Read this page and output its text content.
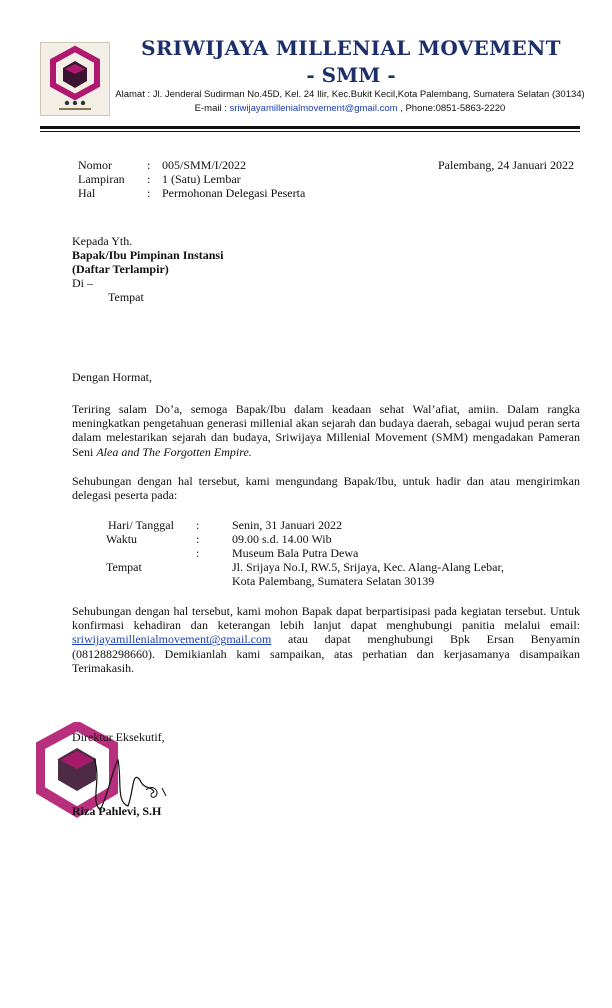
SRIWIJAYA MILLENIAL MOVEMENT
- SMM -
Alamat : Jl. Jenderal Sudirman No.45D, Kel. 24 Ilir, Kec.Bukit Kecil,Kota Palembang, Sumatera Selatan (30134)
E-mail : sriwijayamillenialmovement@gmail.com , Phone:0851-5863-2220
Nomor	: 005/SMM/I/2022
Lampiran : 1 (Satu) Lembar
Hal	: Permohonan Delegasi Peserta
Palembang, 24 Januari 2022
Kepada Yth.
Bapak/Ibu Pimpinan Instansi
(Daftar Terlampir)
Di –
Tempat
Dengan Hormat,
Teriring salam Do’a, semoga Bapak/Ibu dalam keadaan sehat Wal’afiat, amiin. Dalam rangka meningkatkan pengetahuan generasi millenial akan sejarah dan budaya daerah, sebagai wujud peran serta dalam melestarikan sejarah dan budaya, Sriwijaya Millenial Movement (SMM) mengadakan Pameran Seni Alea and The Forgotten Empire.
Sehubungan dengan hal tersebut, kami mengundang Bapak/Ibu, untuk hadir dan atau mengirimkan delegasi peserta pada:
Hari/ Tanggal :	Senin, 31 Januari 2022
Waktu	:	09.00 s.d. 14.00 Wib
:	Museum Bala Putra Dewa
Tempat	Jl. Srijaya No.I, RW.5, Srijaya, Kec. Alang-Alang Lebar,
Kota Palembang, Sumatera Selatan 30139
Sehubungan dengan hal tersebut, kami mohon Bapak dapat berpartisipasi pada kegiatan tersebut. Untuk konfirmasi kehadiran dan keterangan lebih lanjut dapat menghubungi panitia melalui email: sriwijayamillenialmovement@gmail.com atau dapat menghubungi Bpk Ersan Benyamin (081288298660). Demikianlah kami sampaikan, atas perhatian dan kerjasamanya disampaikan Terimakasih.
Direktur Eksekutif,
Riza Pahlevi, S.H
